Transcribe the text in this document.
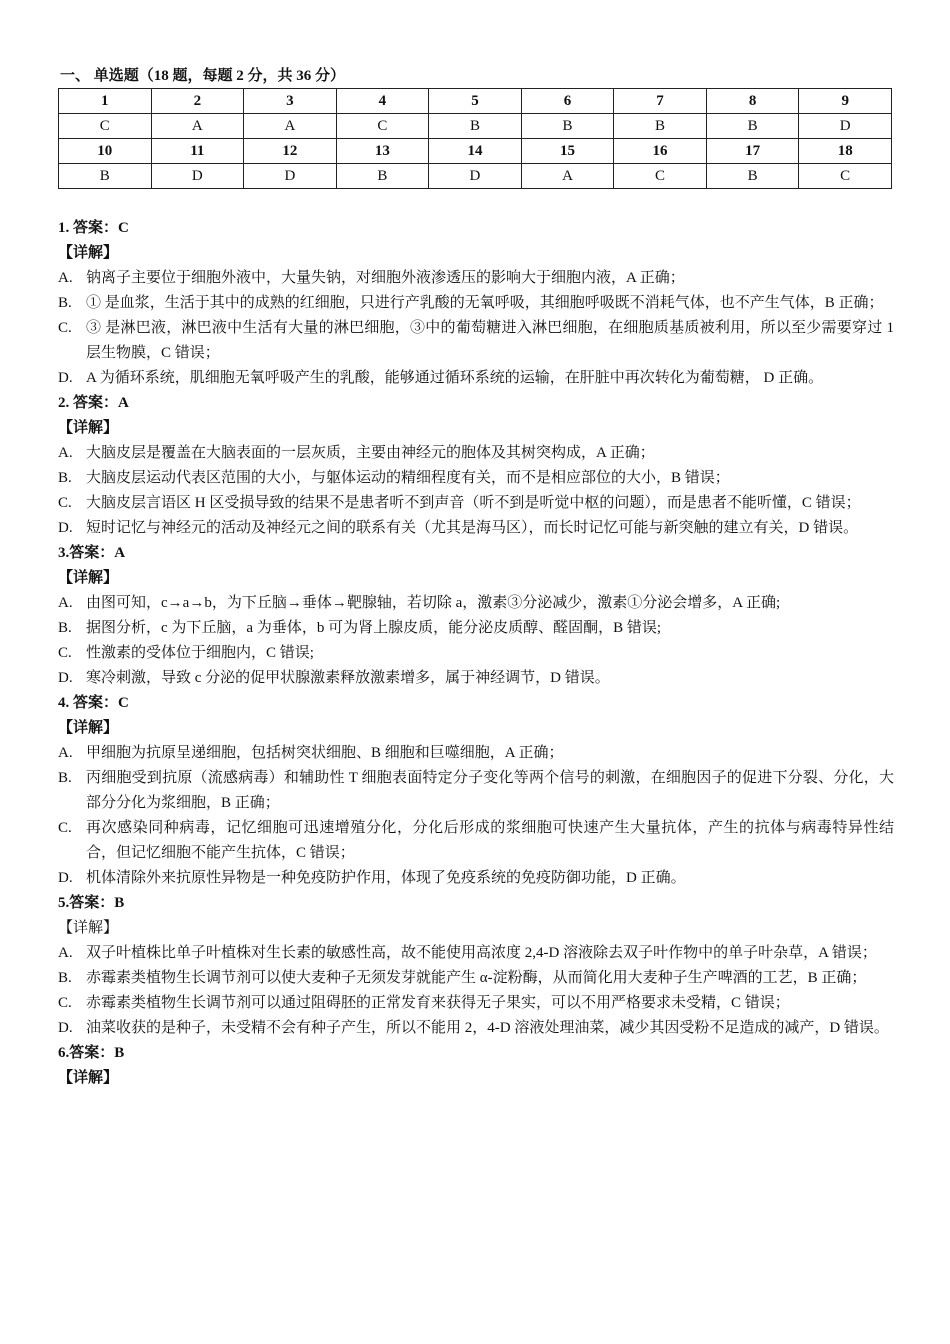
一、 单选题（18 题，每题 2 分，共 36 分）
1	2	3	4	5	6	7	8	9
C	A	A	C	B	B	B	B	D
10	11	12	13	14	15	16	17	18
B	D	D	B	D	A	C	B	C
1. 答案：C
【详解】
A. 钠离子主要位于细胞外液中，大量失钠，对细胞外液渗透压的影响大于细胞内液，A 正确；
B. ① 是血浆，生活于其中的成熟的红细胞，只进行产乳酸的无氧呼吸，其细胞呼吸既不消耗气体，也不产生气体，B 正确；
C. ③ 是淋巴液，淋巴液中生活有大量的淋巴细胞，③中的葡萄糖进入淋巴细胞，在细胞质基质被利用，所以至少需要穿过 1 层生物膜，C 错误；
D. A 为循环系统，肌细胞无氧呼吸产生的乳酸，能够通过循环系统的运输，在肝脏中再次转化为葡萄糖， D 正确。
2. 答案：A
【详解】
A. 大脑皮层是覆盖在大脑表面的一层灰质，主要由神经元的胞体及其树突构成，A 正确；
B. 大脑皮层运动代表区范围的大小，与躯体运动的精细程度有关，而不是相应部位的大小，B 错误；
C. 大脑皮层言语区 H 区受损导致的结果不是患者听不到声音（听不到是听觉中枢的问题），而是患者不能听懂，C 错误；
D. 短时记忆与神经元的活动及神经元之间的联系有关（尤其是海马区），而长时记忆可能与新突触的建立有关，D 错误。
3.答案：A
【详解】
A. 由图可知，c→a→b，为下丘脑→垂体→靶腺轴，若切除 a，激素③分泌减少，激素①分泌会增多，A 正确;
B. 据图分析，c 为下丘脑，a 为垂体，b 可为肾上腺皮质，能分泌皮质醇、醛固酮，B 错误;
C. 性激素的受体位于细胞内，C 错误;
D. 寒冷刺激，导致 c 分泌的促甲状腺激素释放激素增多，属于神经调节，D 错误。
4. 答案：C
【详解】
A. 甲细胞为抗原呈递细胞，包括树突状细胞、B 细胞和巨噬细胞，A 正确；
B. 丙细胞受到抗原（流感病毒）和辅助性 T 细胞表面特定分子变化等两个信号的刺激，在细胞因子的促进下分裂、分化，大部分分化为浆细胞，B 正确；
C. 再次感染同种病毒，记忆细胞可迅速增殖分化，分化后形成的浆细胞可快速产生大量抗体，产生的抗体与病毒特异性结合，但记忆细胞不能产生抗体，C 错误；
D. 机体清除外来抗原性异物是一种免疫防护作用，体现了免疫系统的免疫防御功能，D 正确。
5.答案：B
【详解】
A. 双子叶植株比单子叶植株对生长素的敏感性高，故不能使用高浓度 2,4-D 溶液除去双子叶作物中的单子叶杂草，A 错误；
B. 赤霉素类植物生长调节剂可以使大麦种子无须发芽就能产生 α-淀粉酶，从而简化用大麦种子生产啤酒的工艺，B 正确；
C. 赤霉素类植物生长调节剂可以通过阻碍胚的正常发育来获得无子果实，可以不用严格要求未受精，C 错误；
D. 油菜收获的是种子，未受精不会有种子产生，所以不能用 2，4-D 溶液处理油菜，减少其因受粉不足造成的减产，D 错误。
6.答案：B
【详解】
